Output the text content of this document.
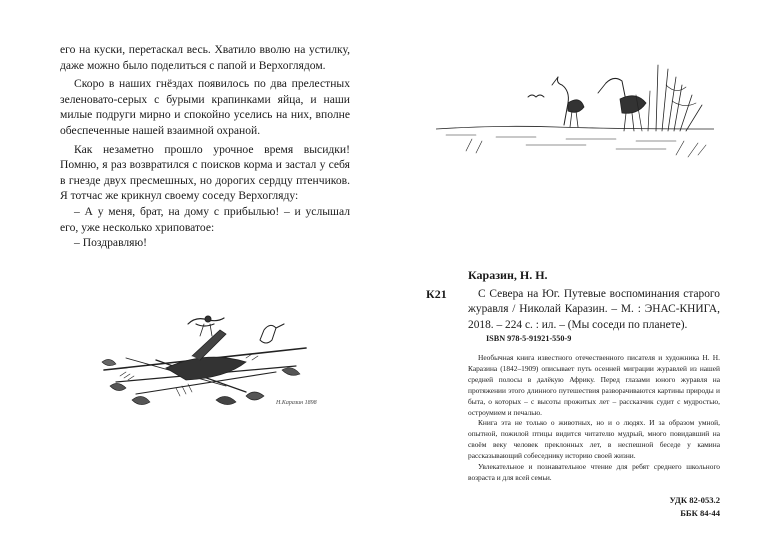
его на куски, перетаскал весь. Хватило вволю на устилку, даже можно было поделиться с папой и Верхоглядом.

Скоро в наших гнёздах появилось по два прелестных зеленовато-серых с бурыми крапинками яйца, и наши милые подруги мирно и спокойно уселись на них, вполне обеспеченные нашей взаимной охраной.

Как незаметно прошло урочное время высидки! Помню, я раз возвратился с поисков корма и застал у себя в гнезде двух пресмешных, но дорогих сердцу птенчиков. Я тотчас же крикнул своему соседу Верхогляду:

– А у меня, брат, на дому с прибылью! – и услышал его, уже несколько хриповатое:

– Поздравляю!

Н.Каразин 1898
К21
Каразин, Н. Н.
С Севера на Юг. Путевые воспоминания старого журавля / Николай Каразин. – М. : ЭНАС-КНИГА, 2018. – 224 с. : ил. – (Мы соседи по планете).
ISBN 978-5-91921-550-9

Необычная книга известного отечественного писателя и художника Н. Н. Каразина (1842–1909) описывает путь осенней миграции журавлей из нашей средней полосы в далёкую Африку. Перед глазами юного журавля на протяжении этого длинного путешествия разворачиваются картины природы и быта, о которых – с высоты прожитых лет – рассказчик судит с мудростью, остроумием и печалью.

Книга эта не только о животных, но и о людях. И за образом умной, опытной, пожилой птицы видится читателю мудрый, много повидавший на своём веку человек преклонных лет, в неспешной беседе у камина рассказывающий собеседнику историю своей жизни.

Увлекательное и познавательное чтение для ребят среднего школьного возраста и для всей семьи.

УДК 82-053.2
ББК 84-44
